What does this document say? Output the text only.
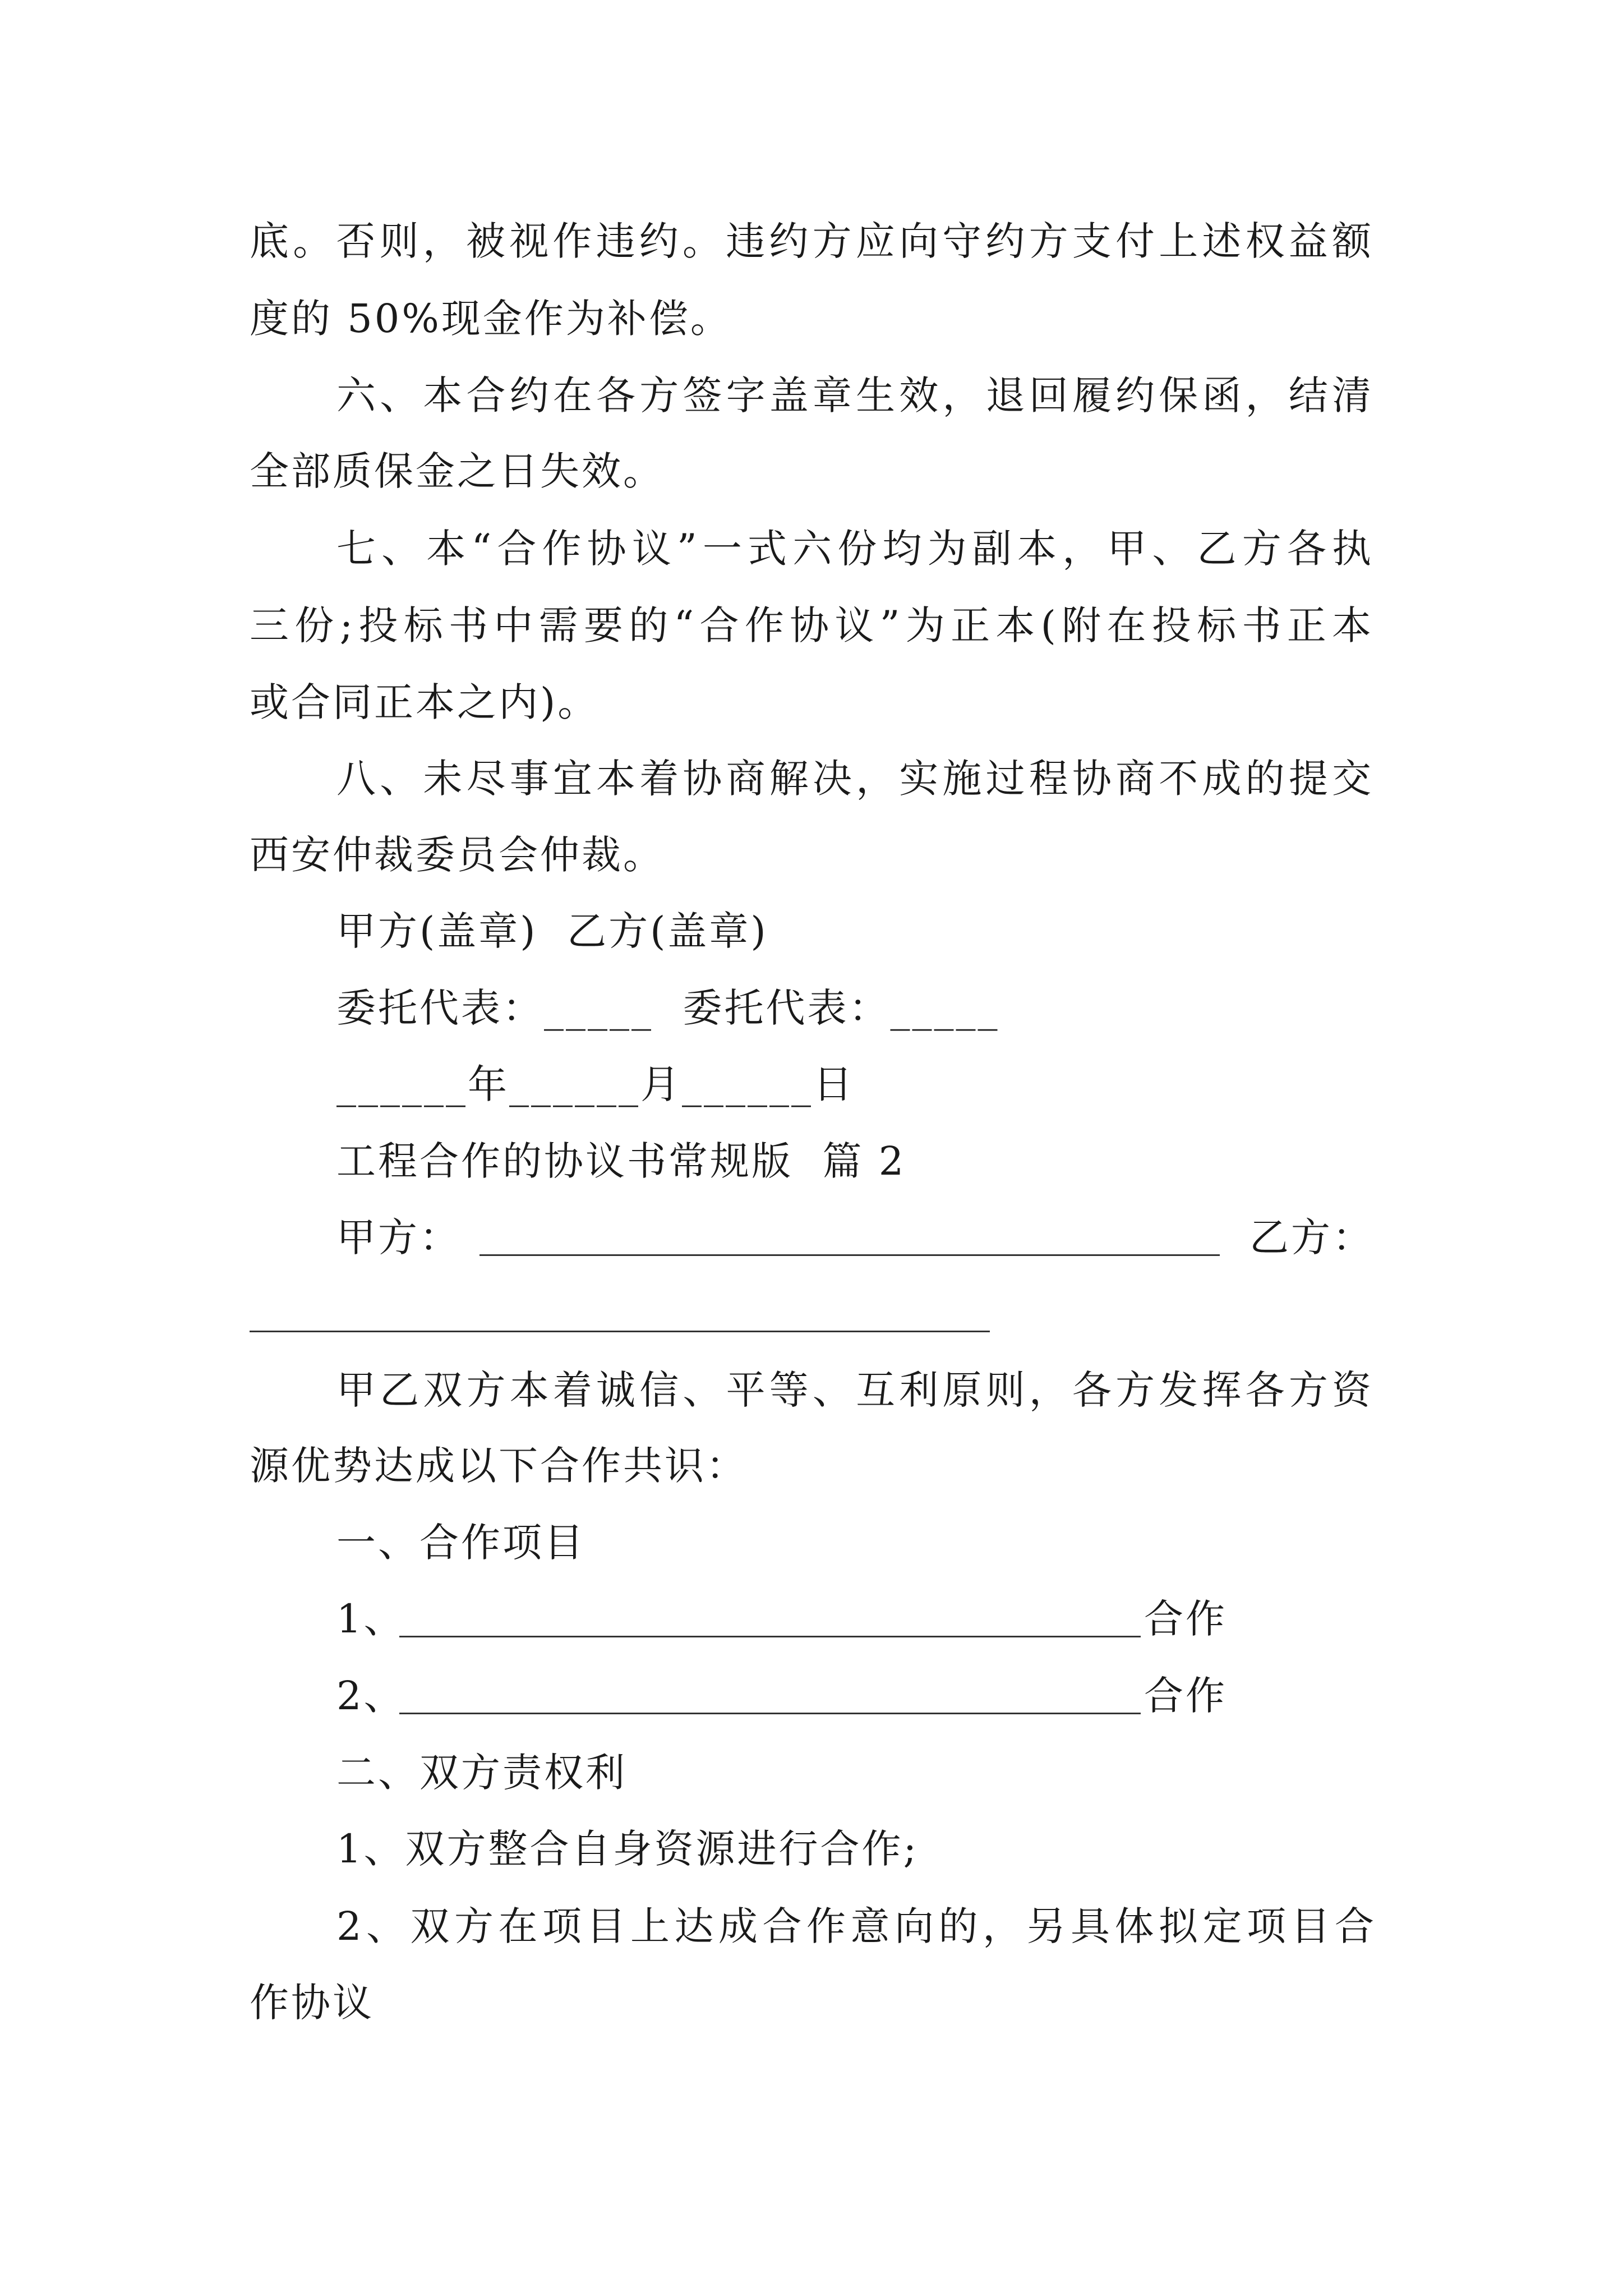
底。否则，被视作违约。违约方应向守约方支付上述权益额
度的 50%现金作为补偿。
六、本合约在各方签字盖章生效，退回履约保函，结清
全部质保金之日失效。
七、本“合作协议”一式六份均为副本，甲、乙方各执
三份;投标书中需要的“合作协议”为正本(附在投标书正本
或合同正本之内)。
八、未尽事宜本着协商解决，实施过程协商不成的提交
西安仲裁委员会仲裁。
甲方(盖章)  乙方(盖章)
委托代表：_____  委托代表：_____
______年______月______日
工程合作的协议书常规版  篇 2
甲方：	乙方：
甲乙双方本着诚信、平等、互利原则，各方发挥各方资
源优势达成以下合作共识：
一、合作项目
1、	合作
2、	合作
二、双方责权利
1、双方整合自身资源进行合作;
2、双方在项目上达成合作意向的，另具体拟定项目合
作协议
